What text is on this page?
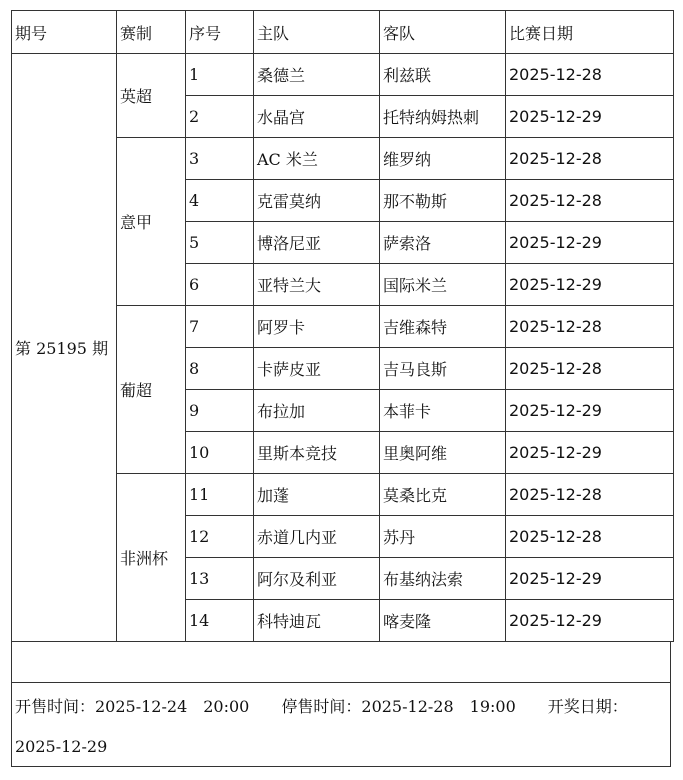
期号	赛制	序号	主队	客队	比赛日期
第 25195 期	英超	1	桑德兰	利兹联	2025-12-28
		2	水晶宫	托特纳姆热刺	2025-12-29
	意甲	3	AC 米兰	维罗纳	2025-12-28
		4	克雷莫纳	那不勒斯	2025-12-28
		5	博洛尼亚	萨索洛	2025-12-29
		6	亚特兰大	国际米兰	2025-12-29
	葡超	7	阿罗卡	吉维森特	2025-12-28
		8	卡萨皮亚	吉马良斯	2025-12-28
		9	布拉加	本菲卡	2025-12-29
		10	里斯本竞技	里奥阿维	2025-12-29
	非洲杯	11	加蓬	莫桑比克	2025-12-28
		12	赤道几内亚	苏丹	2025-12-28
		13	阿尔及利亚	布基纳法索	2025-12-29
		14	科特迪瓦	喀麦隆	2025-12-29
开售时间：2025-12-24　20:00　　 停售时间：2025-12-28　19:00　　 开奖日期：
2025-12-29
